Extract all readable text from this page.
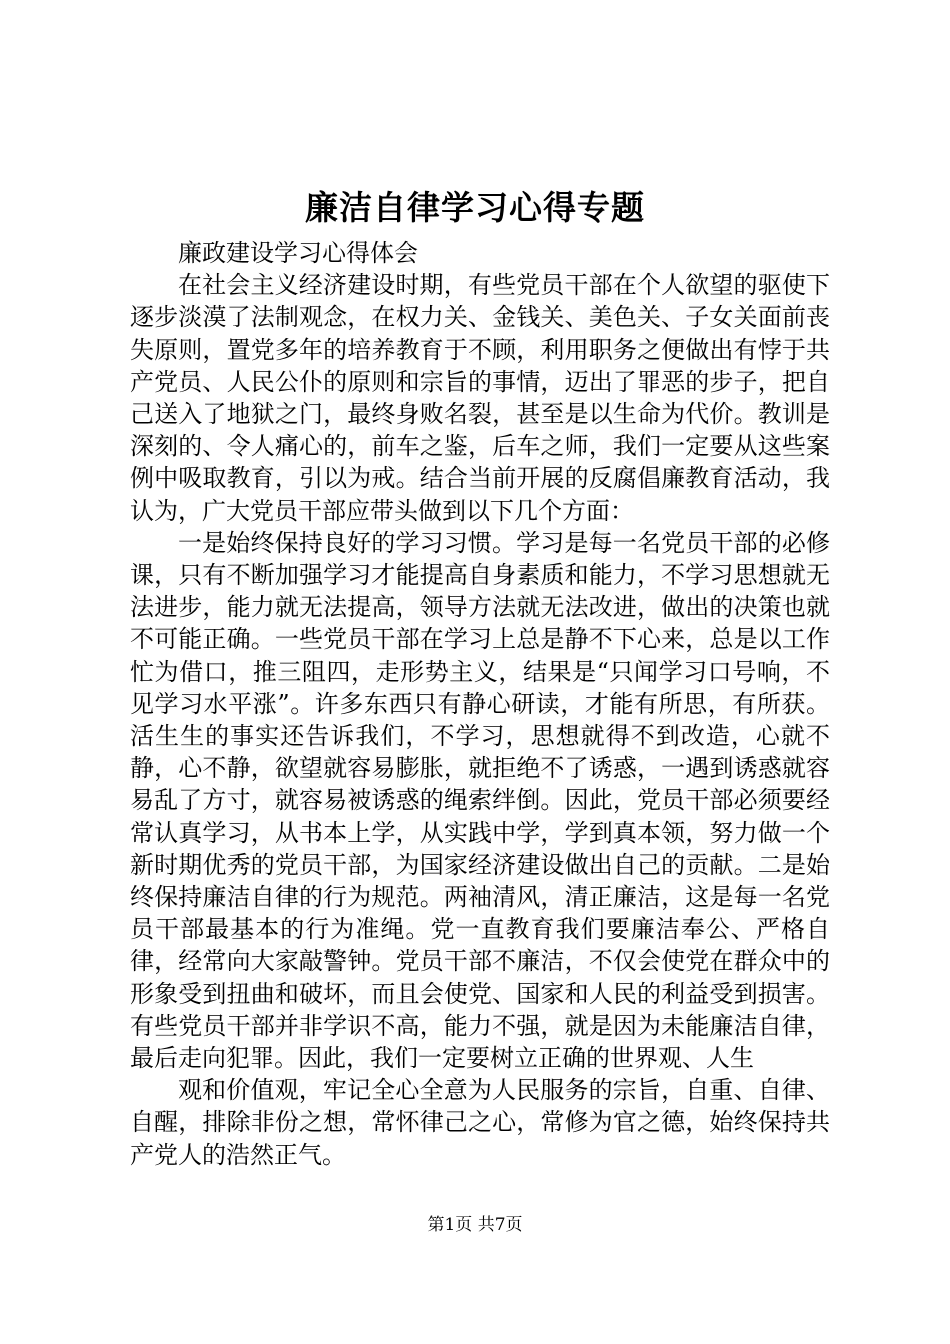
廉洁自律学习心得专题

廉政建设学习心得体会

在社会主义经济建设时期，有些党员干部在个人欲望的驱使下逐步淡漠了法制观念，在权力关、金钱关、美色关、子女关面前丧失原则，置党多年的培养教育于不顾，利用职务之便做出有悖于共产党员、人民公仆的原则和宗旨的事情，迈出了罪恶的步子，把自己送入了地狱之门，最终身败名裂，甚至是以生命为代价。教训是深刻的、令人痛心的，前车之鉴，后车之师，我们一定要从这些案例中吸取教育，引以为戒。结合当前开展的反腐倡廉教育活动，我认为，广大党员干部应带头做到以下几个方面：

一是始终保持良好的学习习惯。学习是每一名党员干部的必修课，只有不断加强学习才能提高自身素质和能力，不学习思想就无法进步，能力就无法提高，领导方法就无法改进，做出的决策也就不可能正确。一些党员干部在学习上总是静不下心来，总是以工作忙为借口，推三阻四，走形势主义，结果是“只闻学习口号响，不见学习水平涨”。许多东西只有静心研读，才能有所思，有所获。活生生的事实还告诉我们，不学习，思想就得不到改造，心就不静，心不静，欲望就容易膨胀，就拒绝不了诱惑，一遇到诱惑就容易乱了方寸，就容易被诱惑的绳索绊倒。因此，党员干部必须要经常认真学习，从书本上学，从实践中学，学到真本领，努力做一个新时期优秀的党员干部，为国家经济建设做出自己的贡献。二是始终保持廉洁自律的行为规范。两袖清风，清正廉洁，这是每一名党员干部最基本的行为准绳。党一直教育我们要廉洁奉公、严格自律，经常向大家敲警钟。党员干部不廉洁，不仅会使党在群众中的形象受到扭曲和破坏，而且会使党、国家和人民的利益受到损害。有些党员干部并非学识不高，能力不强，就是因为未能廉洁自律，最后走向犯罪。因此，我们一定要树立正确的世界观、人生

观和价值观，牢记全心全意为人民服务的宗旨，自重、自律、自醒，排除非份之想，常怀律己之心，常修为官之德，始终保持共产党人的浩然正气。

第1页 共7页
